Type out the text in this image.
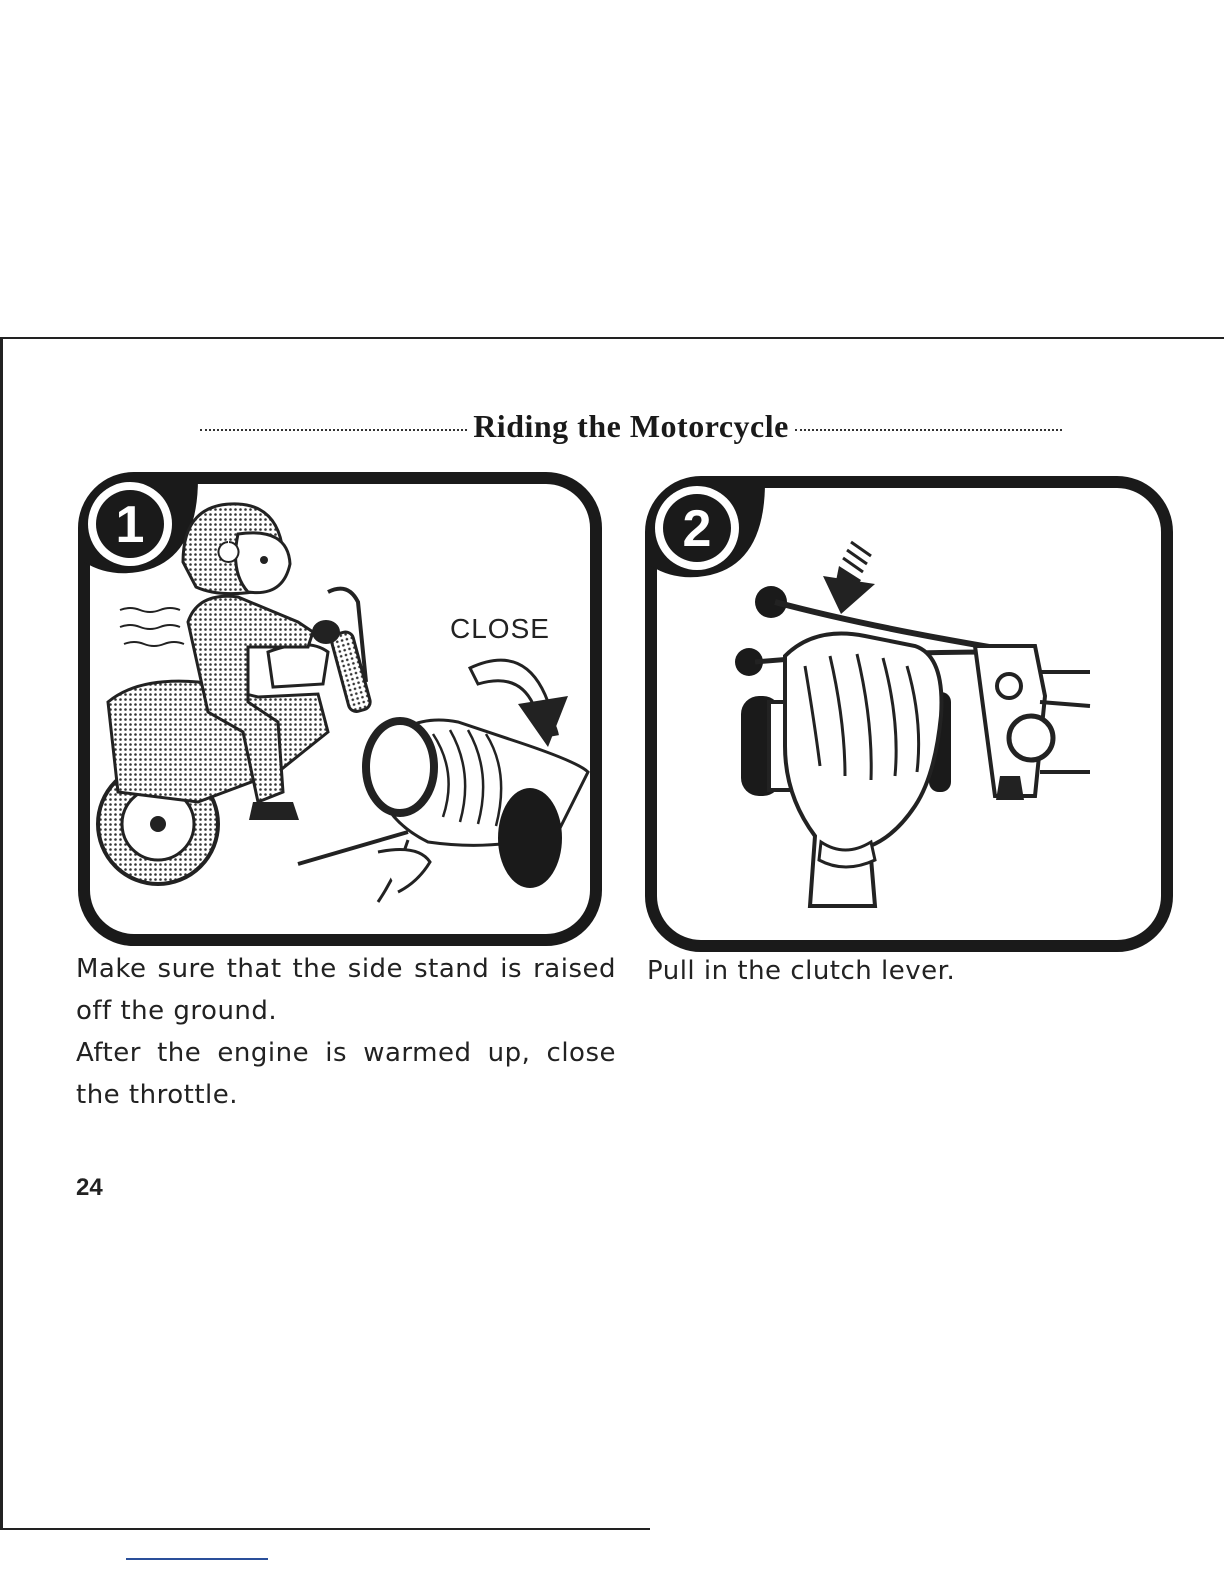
Riding the Motorcycle
1
CLOSE
2

Make sure that the side stand is raised off the ground.

After the engine is warmed up, close the throttle.

Pull in the clutch lever.

24
